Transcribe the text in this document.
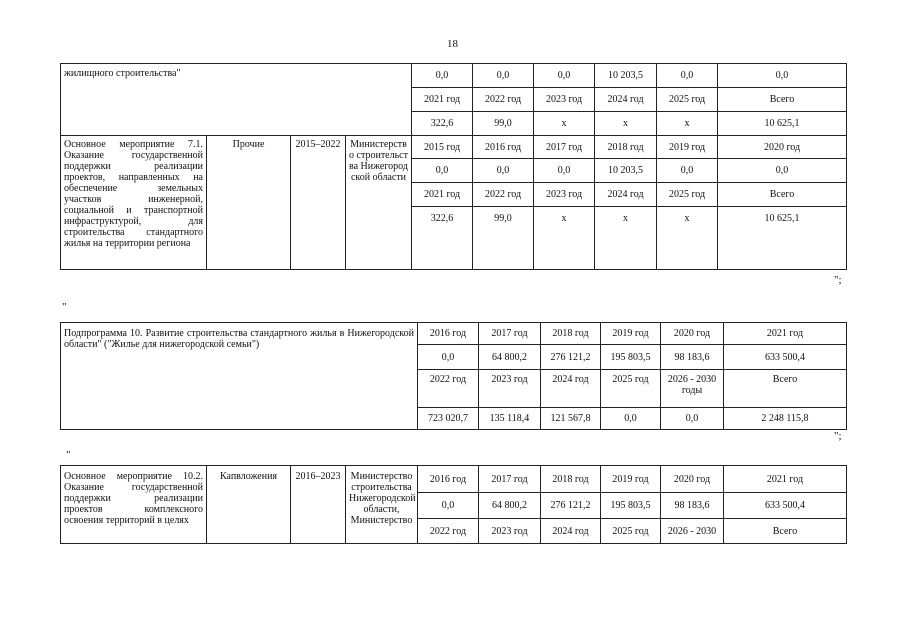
18
жилищного строительства"				0,0	0,0	0,0	10 203,5	0,0	0,0
				2021 год	2022 год	2023 год	2024 год	2025 год	Всего
				322,6	99,0	х	х	х	10 625,1
Основное мероприятие 7.1. Оказание государственной поддержки реализации проектов, направленных на обеспечение земельных участков инженерной, социальной и транспортной инфраструктурой, для строительства стандартного жилья на территории региона	Прочие	2015–2022	Министерство строительства Нижегородской области	2015 год	2016 год	2017 год	2018 год	2019 год	2020 год
				0,0	0,0	0,0	10 203,5	0,0	0,0
				2021 год	2022 год	2023 год	2024 год	2025 год	Всего
				322,6	99,0	х	х	х	10 625,1
";
"
Подпрограмма 10. Развитие строительства стандартного жилья в Нижегородской области" ("Жилье для нижегородской семьи")	2016 год	2017 год	2018 год	2019 год	2020 год	2021 год
	0,0	64 800,2	276 121,2	195 803,5	98 183,6	633 500,4
	2022 год	2023 год	2024 год	2025 год	2026 - 2030 годы	Всего
	723 020,7	135 118,4	121 567,8	0,0	0,0	2 248 115,8
";
"
Основное мероприятие 10.2. Оказание государственной поддержки реализации проектов комплексного освоения территорий в целях	Капвложения	2016–2023	Министерство строительства Нижегородской области, Министерство	2016 год	2017 год	2018 год	2019 год	2020 год	2021 год
				0,0	64 800,2	276 121,2	195 803,5	98 183,6	633 500,4
				2022 год	2023 год	2024 год	2025 год	2026 - 2030	Всего
